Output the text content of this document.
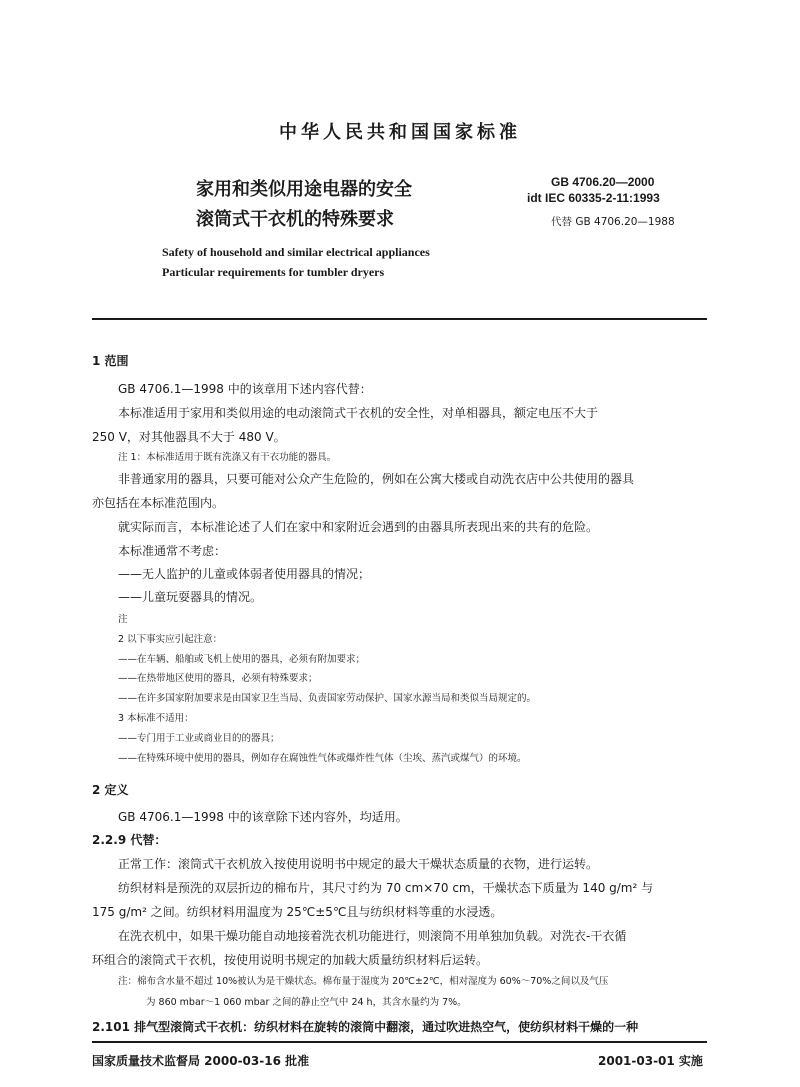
中华人民共和国国家标准
家用和类似用途电器的安全
滚筒式干衣机的特殊要求
GB 4706.20—2000
idt IEC 60335-2-11:1993
代替 GB 4706.20—1988
Safety of household and similar electrical appliances
Particular requirements for tumbler dryers
1 范围
GB 4706.1—1998 中的该章用下述内容代替：
本标准适用于家用和类似用途的电动滚筒式干衣机的安全性，对单相器具，额定电压不大于
250 V，对其他器具不大于 480 V。
注 1：本标准适用于既有洗涤又有干衣功能的器具。
非普通家用的器具，只要可能对公众产生危险的，例如在公寓大楼或自动洗衣店中公共使用的器具
亦包括在本标准范围内。
就实际而言，本标准论述了人们在家中和家附近会遇到的由器具所表现出来的共有的危险。
本标准通常不考虑：
——无人监护的儿童或体弱者使用器具的情况；
——儿童玩耍器具的情况。
注
2 以下事实应引起注意：
——在车辆、船舶或飞机上使用的器具，必须有附加要求；
——在热带地区使用的器具，必须有特殊要求；
——在许多国家附加要求是由国家卫生当局、负责国家劳动保护、国家水源当局和类似当局规定的。
3 本标准不适用：
——专门用于工业或商业目的的器具；
——在特殊环境中使用的器具，例如存在腐蚀性气体或爆炸性气体（尘埃、蒸汽或煤气）的环境。
2 定义
GB 4706.1—1998 中的该章除下述内容外，均适用。
2.2.9 代替：
正常工作：滚筒式干衣机放入按使用说明书中规定的最大干燥状态质量的衣物，进行运转。
纺织材料是预洗的双层折边的棉布片，其尺寸约为 70 cm×70 cm，干燥状态下质量为 140 g/m² 与
175 g/m² 之间。纺织材料用温度为 25℃±5℃且与纺织材料等重的水浸透。
在洗衣机中，如果干燥功能自动地接着洗衣机功能进行，则滚筒不用单独加负载。对洗衣-干衣循
环组合的滚筒式干衣机，按使用说明书规定的加载大质量纺织材料后运转。
注：棉布含水量不超过 10%被认为是干燥状态。棉布量于湿度为 20℃±2℃，相对湿度为 60%～70%之间以及气压
为 860 mbar～1 060 mbar 之间的静止空气中 24 h，其含水量约为 7%。
2.101 排气型滚筒式干衣机：纺织材料在旋转的滚筒中翻滚，通过吹进热空气，使纺织材料干燥的一种
国家质量技术监督局 2000-03-16 批准	2001-03-01 实施
